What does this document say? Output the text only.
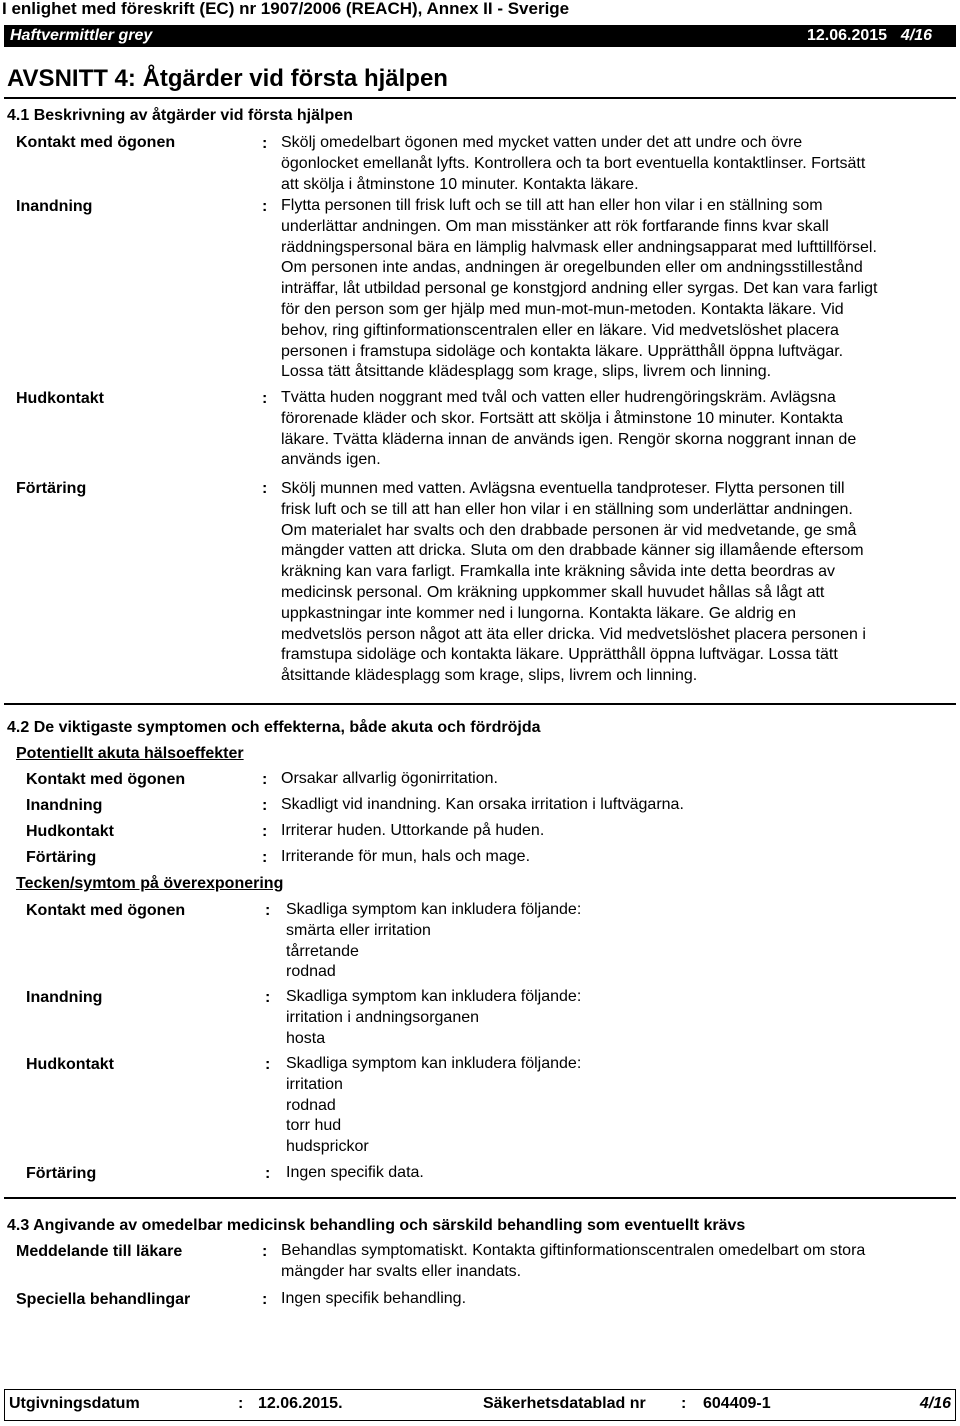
I enlighet med föreskrift (EC) nr 1907/2006 (REACH), Annex II - Sverige
Haftvermittler grey	12.06.2015 4/16
AVSNITT 4: Åtgärder vid första hjälpen
4.1 Beskrivning av åtgärder vid första hjälpen
Kontakt med ögonen	: Skölj omedelbart ögonen med mycket vatten under det att undre och övre
ögonlocket emellanåt lyfts. Kontrollera och ta bort eventuella kontaktlinser. Fortsätt
att skölja i åtminstone 10 minuter. Kontakta läkare.
Inandning	: Flytta personen till frisk luft och se till att han eller hon vilar i en ställning som
underlättar andningen. Om man misstänker att rök fortfarande finns kvar skall
räddningspersonal bära en lämplig halvmask eller andningsapparat med lufttillförsel.
Om personen inte andas, andningen är oregelbunden eller om andningsstillestånd
inträffar, låt utbildad personal ge konstgjord andning eller syrgas. Det kan vara farligt
för den person som ger hjälp med mun-mot-mun-metoden. Kontakta läkare. Vid
behov, ring giftinformationscentralen eller en läkare. Vid medvetslöshet placera
personen i framstupa sidoläge och kontakta läkare. Upprätthåll öppna luftvägar.
Lossa tätt åtsittande klädesplagg som krage, slips, livrem och linning.
Hudkontakt	: Tvätta huden noggrant med tvål och vatten eller hudrengöringskräm. Avlägsna
förorenade kläder och skor. Fortsätt att skölja i åtminstone 10 minuter. Kontakta
läkare. Tvätta kläderna innan de används igen. Rengör skorna noggrant innan de
används igen.
Förtäring	: Skölj munnen med vatten. Avlägsna eventuella tandproteser. Flytta personen till
frisk luft och se till att han eller hon vilar i en ställning som underlättar andningen.
Om materialet har svalts och den drabbade personen är vid medvetande, ge små
mängder vatten att dricka. Sluta om den drabbade känner sig illamående eftersom
kräkning kan vara farligt. Framkalla inte kräkning såvida inte detta beordras av
medicinsk personal. Om kräkning uppkommer skall huvudet hållas så lågt att
uppkastningar inte kommer ned i lungorna. Kontakta läkare. Ge aldrig en
medvetslös person något att äta eller dricka. Vid medvetslöshet placera personen i
framstupa sidoläge och kontakta läkare. Upprätthåll öppna luftvägar. Lossa tätt
åtsittande klädesplagg som krage, slips, livrem och linning.
4.2 De viktigaste symptomen och effekterna, både akuta och fördröjda
Potentiellt akuta hälsoeffekter
Kontakt med ögonen	: Orsakar allvarlig ögonirritation.
Inandning	: Skadligt vid inandning. Kan orsaka irritation i luftvägarna.
Hudkontakt	: Irriterar huden. Uttorkande på huden.
Förtäring	: Irriterande för mun, hals och mage.
Tecken/symtom på överexponering
Kontakt med ögonen	: Skadliga symptom kan inkludera följande:
smärta eller irritation
tårretande
rodnad
Inandning	: Skadliga symptom kan inkludera följande:
irritation i andningsorganen
hosta
Hudkontakt	: Skadliga symptom kan inkludera följande:
irritation
rodnad
torr hud
hudsprickor
Förtäring	: Ingen specifik data.
4.3 Angivande av omedelbar medicinsk behandling och särskild behandling som eventuellt krävs
Meddelande till läkare	: Behandlas symptomatiskt. Kontakta giftinformationscentralen omedelbart om stora
mängder har svalts eller inandats.
Speciella behandlingar	: Ingen specifik behandling.
Utgivningsdatum	: 12.06.2015.	Säkerhetsdatablad nr : 604409-1	4/16
